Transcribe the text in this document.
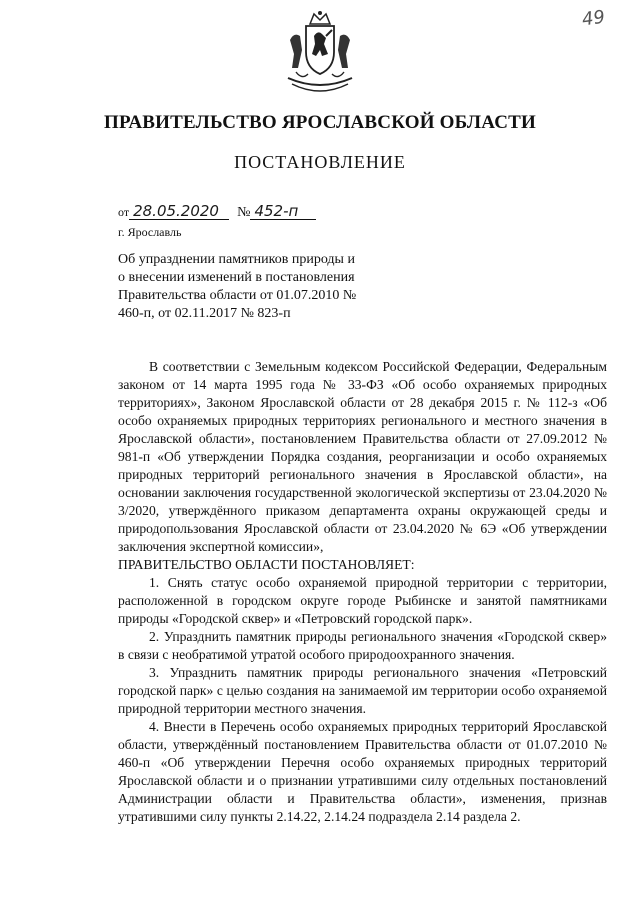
49
ПРАВИТЕЛЬСТВО ЯРОСЛАВСКОЙ ОБЛАСТИ
ПОСТАНОВЛЕНИЕ
от 28.05.2020	№ 452-п
г. Ярославль
Об упразднении памятников природы и о внесении изменений в постановления Правительства области от 01.07.2010 № 460-п, от 02.11.2017 № 823-п

В соответствии с Земельным кодексом Российской Федерации, Федеральным законом от 14 марта 1995 года № 33-ФЗ «Об особо охраняемых природных территориях», Законом Ярославской области от 28 декабря 2015 г. № 112-з «Об особо охраняемых природных территориях регионального и местного значения в Ярославской области», постановлением Правительства области от 27.09.2012 № 981-п «Об утверждении Порядка создания, реорганизации и особо охраняемых природных территорий регионального значения в Ярославской области», на основании заключения государственной экологической экспертизы от 23.04.2020 № 3/2020, утверждённого приказом департамента охраны окружающей среды и природопользования Ярославской области от 23.04.2020 № 6Э «Об утверждении заключения экспертной комиссии»,

ПРАВИТЕЛЬСТВО ОБЛАСТИ ПОСТАНОВЛЯЕТ:

1. Снять статус особо охраняемой природной территории с территории, расположенной в городском округе городе Рыбинске и занятой памятниками природы «Городской сквер» и «Петровский городской парк».

2. Упразднить памятник природы регионального значения «Городской сквер» в связи с необратимой утратой особого природоохранного значения.

3. Упразднить памятник природы регионального значения «Петровский городской парк» с целью создания на занимаемой им территории особо охраняемой природной территории местного значения.

4. Внести в Перечень особо охраняемых природных территорий Ярославской области, утверждённый постановлением Правительства области от 01.07.2010 № 460-п «Об утверждении Перечня особо охраняемых природных территорий Ярославской области и о признании утратившими силу отдельных постановлений Администрации области и Правительства области», изменения, признав утратившими силу пункты 2.14.22, 2.14.24 подраздела 2.14 раздела 2.
